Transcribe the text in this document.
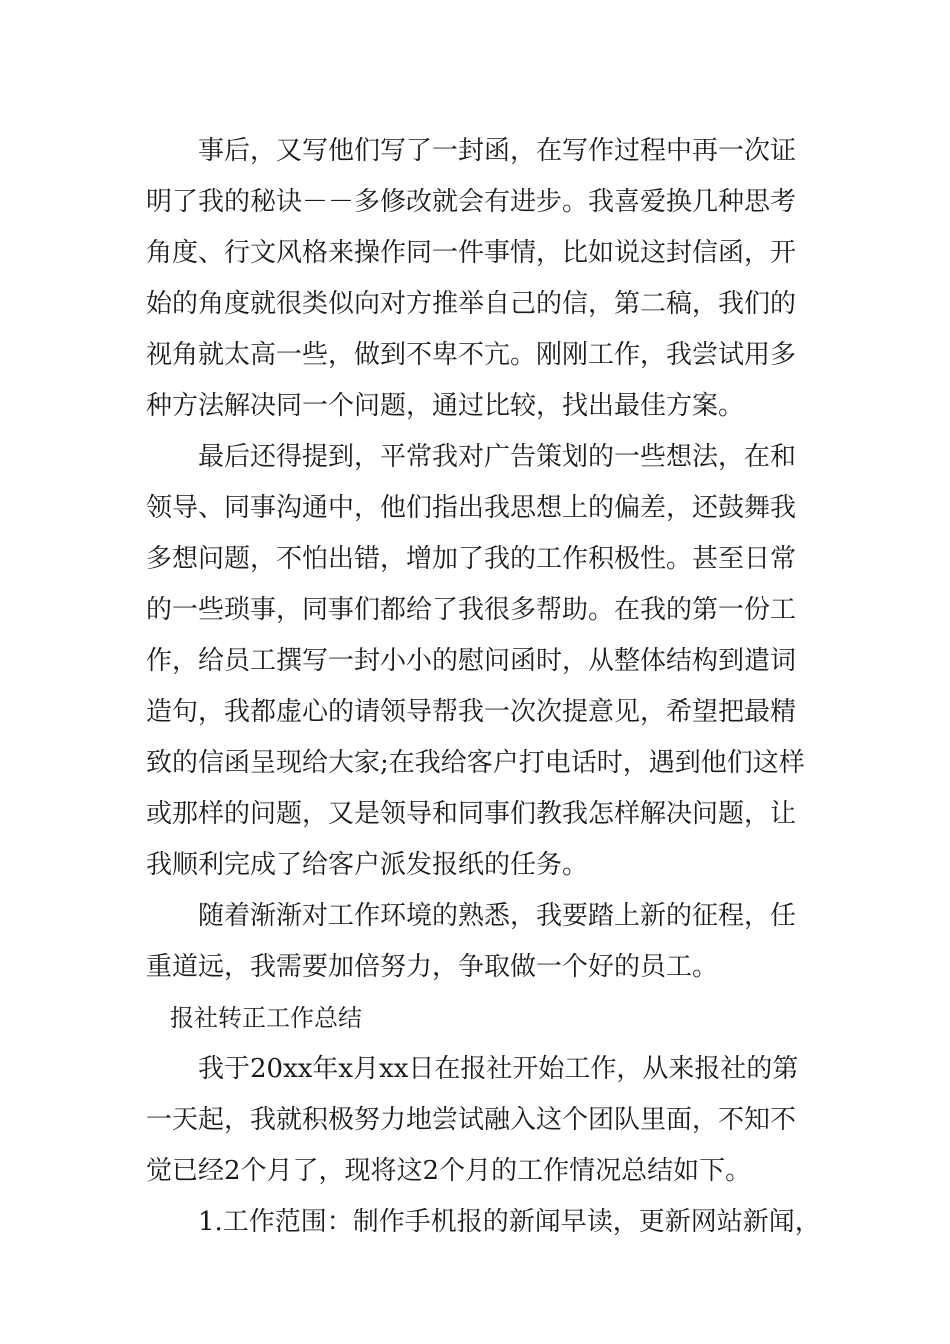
事后，又写他们写了一封函，在写作过程中再一次证
明了我的秘诀－－多修改就会有进步。我喜爱换几种思考
角度、行文风格来操作同一件事情，比如说这封信函，开
始的角度就很类似向对方推举自己的信，第二稿，我们的
视角就太高一些，做到不卑不亢。刚刚工作，我尝试用多
种方法解决同一个问题，通过比较，找出最佳方案。
最后还得提到，平常我对广告策划的一些想法，在和
领导、同事沟通中，他们指出我思想上的偏差，还鼓舞我
多想问题，不怕出错，增加了我的工作积极性。甚至日常
的一些琐事，同事们都给了我很多帮助。在我的第一份工
作，给员工撰写一封小小的慰问函时，从整体结构到遣词
造句，我都虚心的请领导帮我一次次提意见，希望把最精
致的信函呈现给大家;在我给客户打电话时，遇到他们这样
或那样的问题，又是领导和同事们教我怎样解决问题，让
我顺利完成了给客户派发报纸的任务。
随着渐渐对工作环境的熟悉，我要踏上新的征程，任
重道远，我需要加倍努力，争取做一个好的员工。
报社转正工作总结
我于20xx年x月xx日在报社开始工作，从来报社的第
一天起，我就积极努力地尝试融入这个团队里面，不知不
觉已经2个月了，现将这2个月的工作情况总结如下。
1.工作范围：制作手机报的新闻早读，更新网站新闻，
